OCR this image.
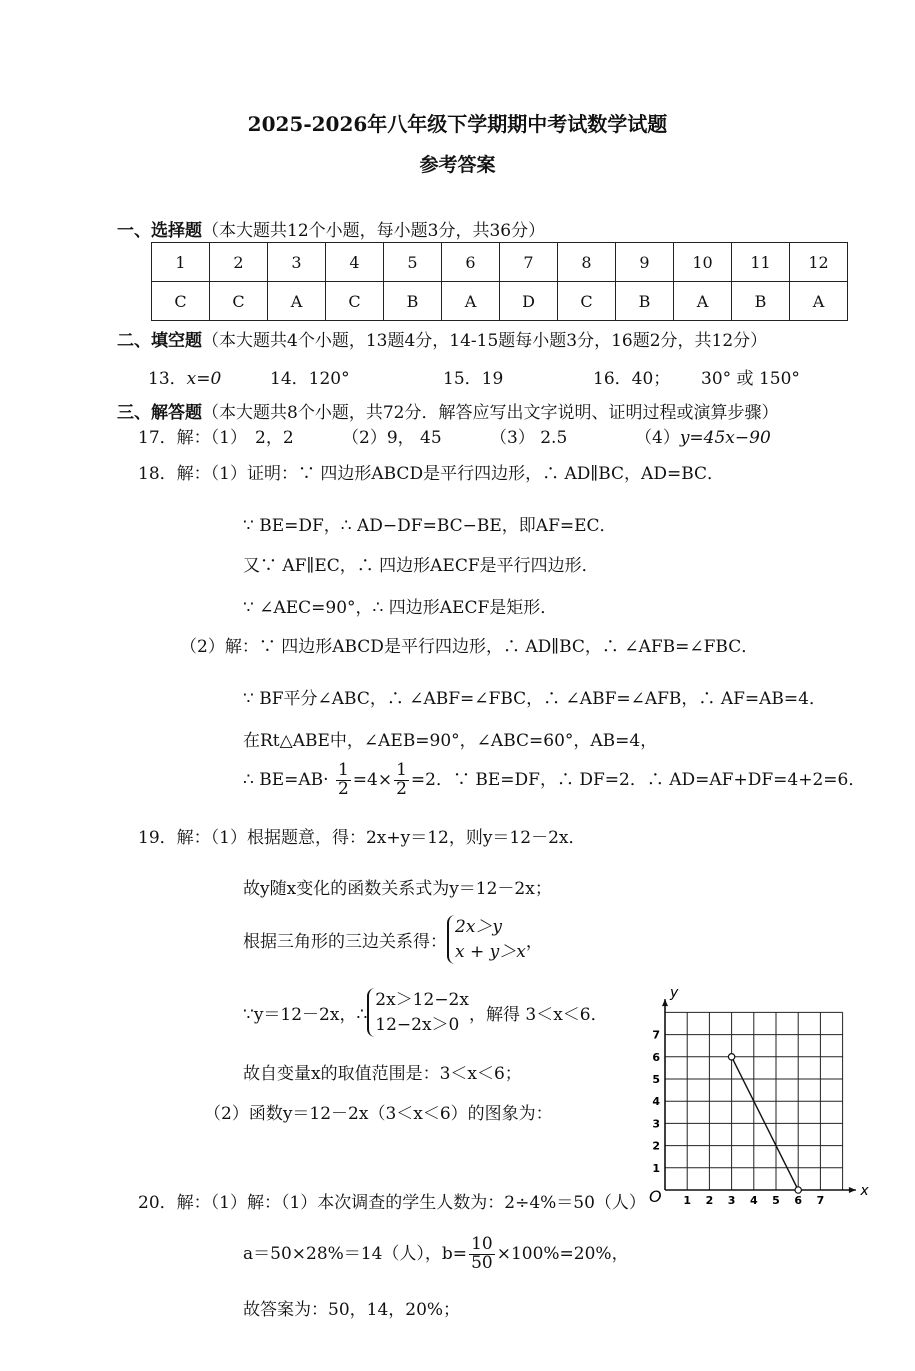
2025-2026年八年级下学期期中考试数学试题
参考答案
一、选择题（本大题共12个小题，每小题3分，共36分）
1	2	3	4	5	6	7	8	9	10	11	12
C	C	A	C	B	A	D	C	B	A	B	A
二、填空题（本大题共4个小题，13题4分，14-15题每小题3分，16题2分，共12分）
13．x=0	14．120°	15．19	16．40； 30° 或 150°
三、解答题（本大题共8个小题，共72分．解答应写出文字说明、证明过程或演算步骤）
17．解：（1） 2，2	（2）9， 45	（3） 2.5	（4）y=45x−90
18．解：（1）证明：∵ 四边形ABCD是平行四边形，∴ AD∥BC，AD=BC．
∵ BE=DF，∴ AD−DF=BC−BE，即AF=EC．
又∵ AF∥EC，∴ 四边形AECF是平行四边形．
∵ ∠AEC=90°，∴ 四边形AECF是矩形．
（2）解：∵ 四边形ABCD是平行四边形，∴ AD∥BC，∴ ∠AFB=∠FBC．
∵ BF平分∠ABC，∴ ∠ABF=∠FBC，∴ ∠ABF=∠AFB，∴ AF=AB=4．
在Rt△ABE中，∠AEB=90°，∠ABC=60°，AB=4，
∴ $BE=AB\cdot \frac{1}{2} =4\times \frac{1}{2} =2$．∵ BE=DF，∴ DF=2．∴ AD=AF+DF=4+2=6．
19．解：（1）根据题意，得：2x+y＝12，则y＝12－2x．
故y随x变化的函数关系式为y＝12－2x；
根据三角形的三边关系得：2x＞y
x + y＞x，
∵y＝12－2x，∴2x＞12−2x
12−2x＞0 ，解得 3＜x＜6．
故自变量x的取值范围是：3＜x＜6；
（2）函数y＝12－2x（3＜x＜6）的图象为：
x
y
O 1 2 3 4 5 6 7
1
2
3
4
5
6
7
20．解：（1）解：（1）本次调查的学生人数为：2÷4%＝50（人）
a＝50×28%＝14（人），$b= \frac{10}{50} \times 100\%=20\%$，
故答案为：50，14，20%；
